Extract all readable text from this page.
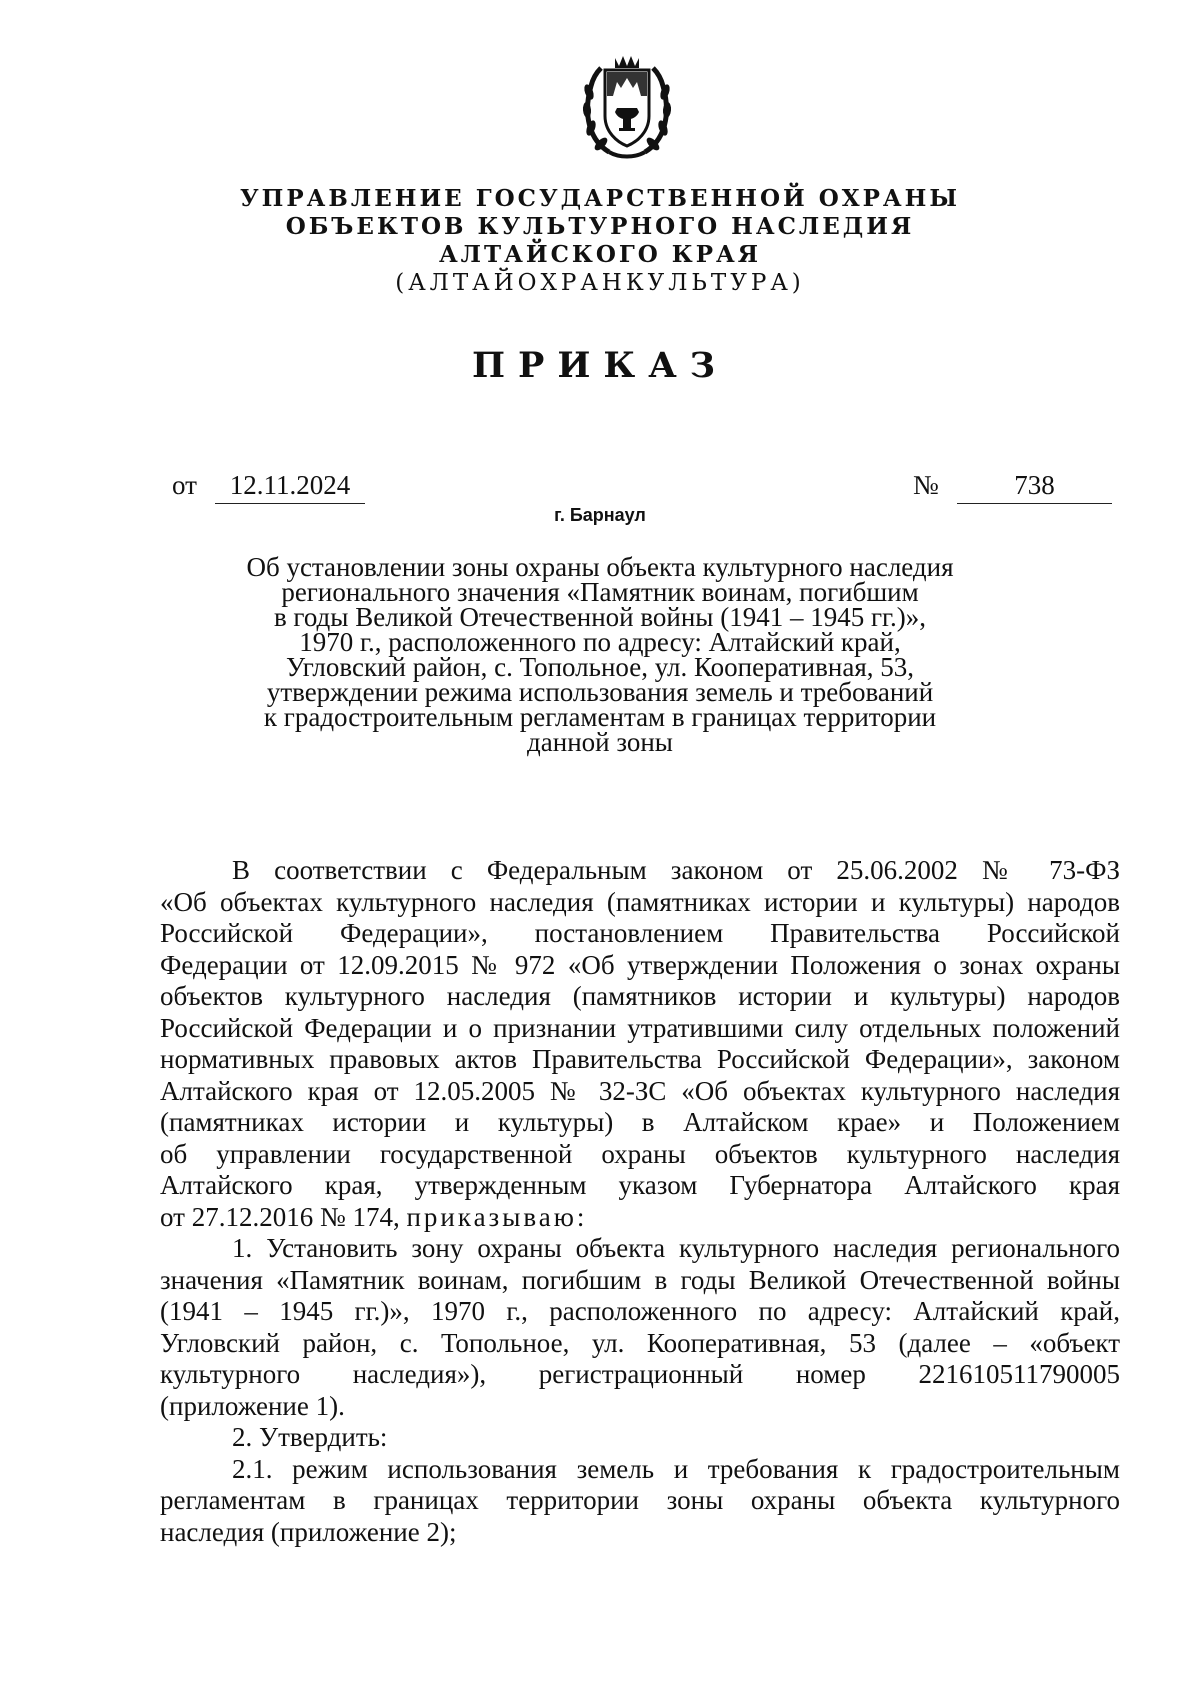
УПРАВЛЕНИЕ ГОСУДАРСТВЕННОЙ ОХРАНЫ
ОБЪЕКТОВ КУЛЬТУРНОГО НАСЛЕДИЯ
АЛТАЙСКОГО КРАЯ
(АЛТАЙОХРАНКУЛЬТУРА)
ПРИКАЗ
от	12.11.2024	№	738
г. Барнаул
Об установлении зоны охраны объекта культурного наследия
регионального значения «Памятник воинам, погибшим
в годы Великой Отечественной войны (1941 – 1945 гг.)»,
1970 г., расположенного по адресу: Алтайский край,
Угловский район, с. Топольное, ул. Кооперативная, 53,
утверждении режима использования земель и требований
к градостроительным регламентам в границах территории
данной зоны

В соответствии с Федеральным законом от 25.06.2002 № 73-ФЗ

«Об объектах культурного наследия (памятниках истории и культуры) народов

Российской Федерации», постановлением Правительства Российской

Федерации от 12.09.2015 № 972 «Об утверждении Положения о зонах охраны

объектов культурного наследия (памятников истории и культуры) народов

Российской Федерации и о признании утратившими силу отдельных положений

нормативных правовых актов Правительства Российской Федерации», законом

Алтайского края от 12.05.2005 № 32-ЗС «Об объектах культурного наследия

(памятниках истории и культуры) в Алтайском крае» и Положением

об управлении государственной охраны объектов культурного наследия

Алтайского края, утвержденным указом Губернатора Алтайского края

от 27.12.2016 № 174, приказываю:

1. Установить зону охраны объекта культурного наследия регионального

значения «Памятник воинам, погибшим в годы Великой Отечественной войны

(1941 – 1945 гг.)», 1970 г., расположенного по адресу: Алтайский край,

Угловский район, с. Топольное, ул. Кооперативная, 53 (далее – «объект

культурного наследия»), регистрационный номер 221610511790005

(приложение 1).

2. Утвердить:

2.1. режим использования земель и требования к градостроительным

регламентам в границах территории зоны охраны объекта культурного

наследия (приложение 2);
